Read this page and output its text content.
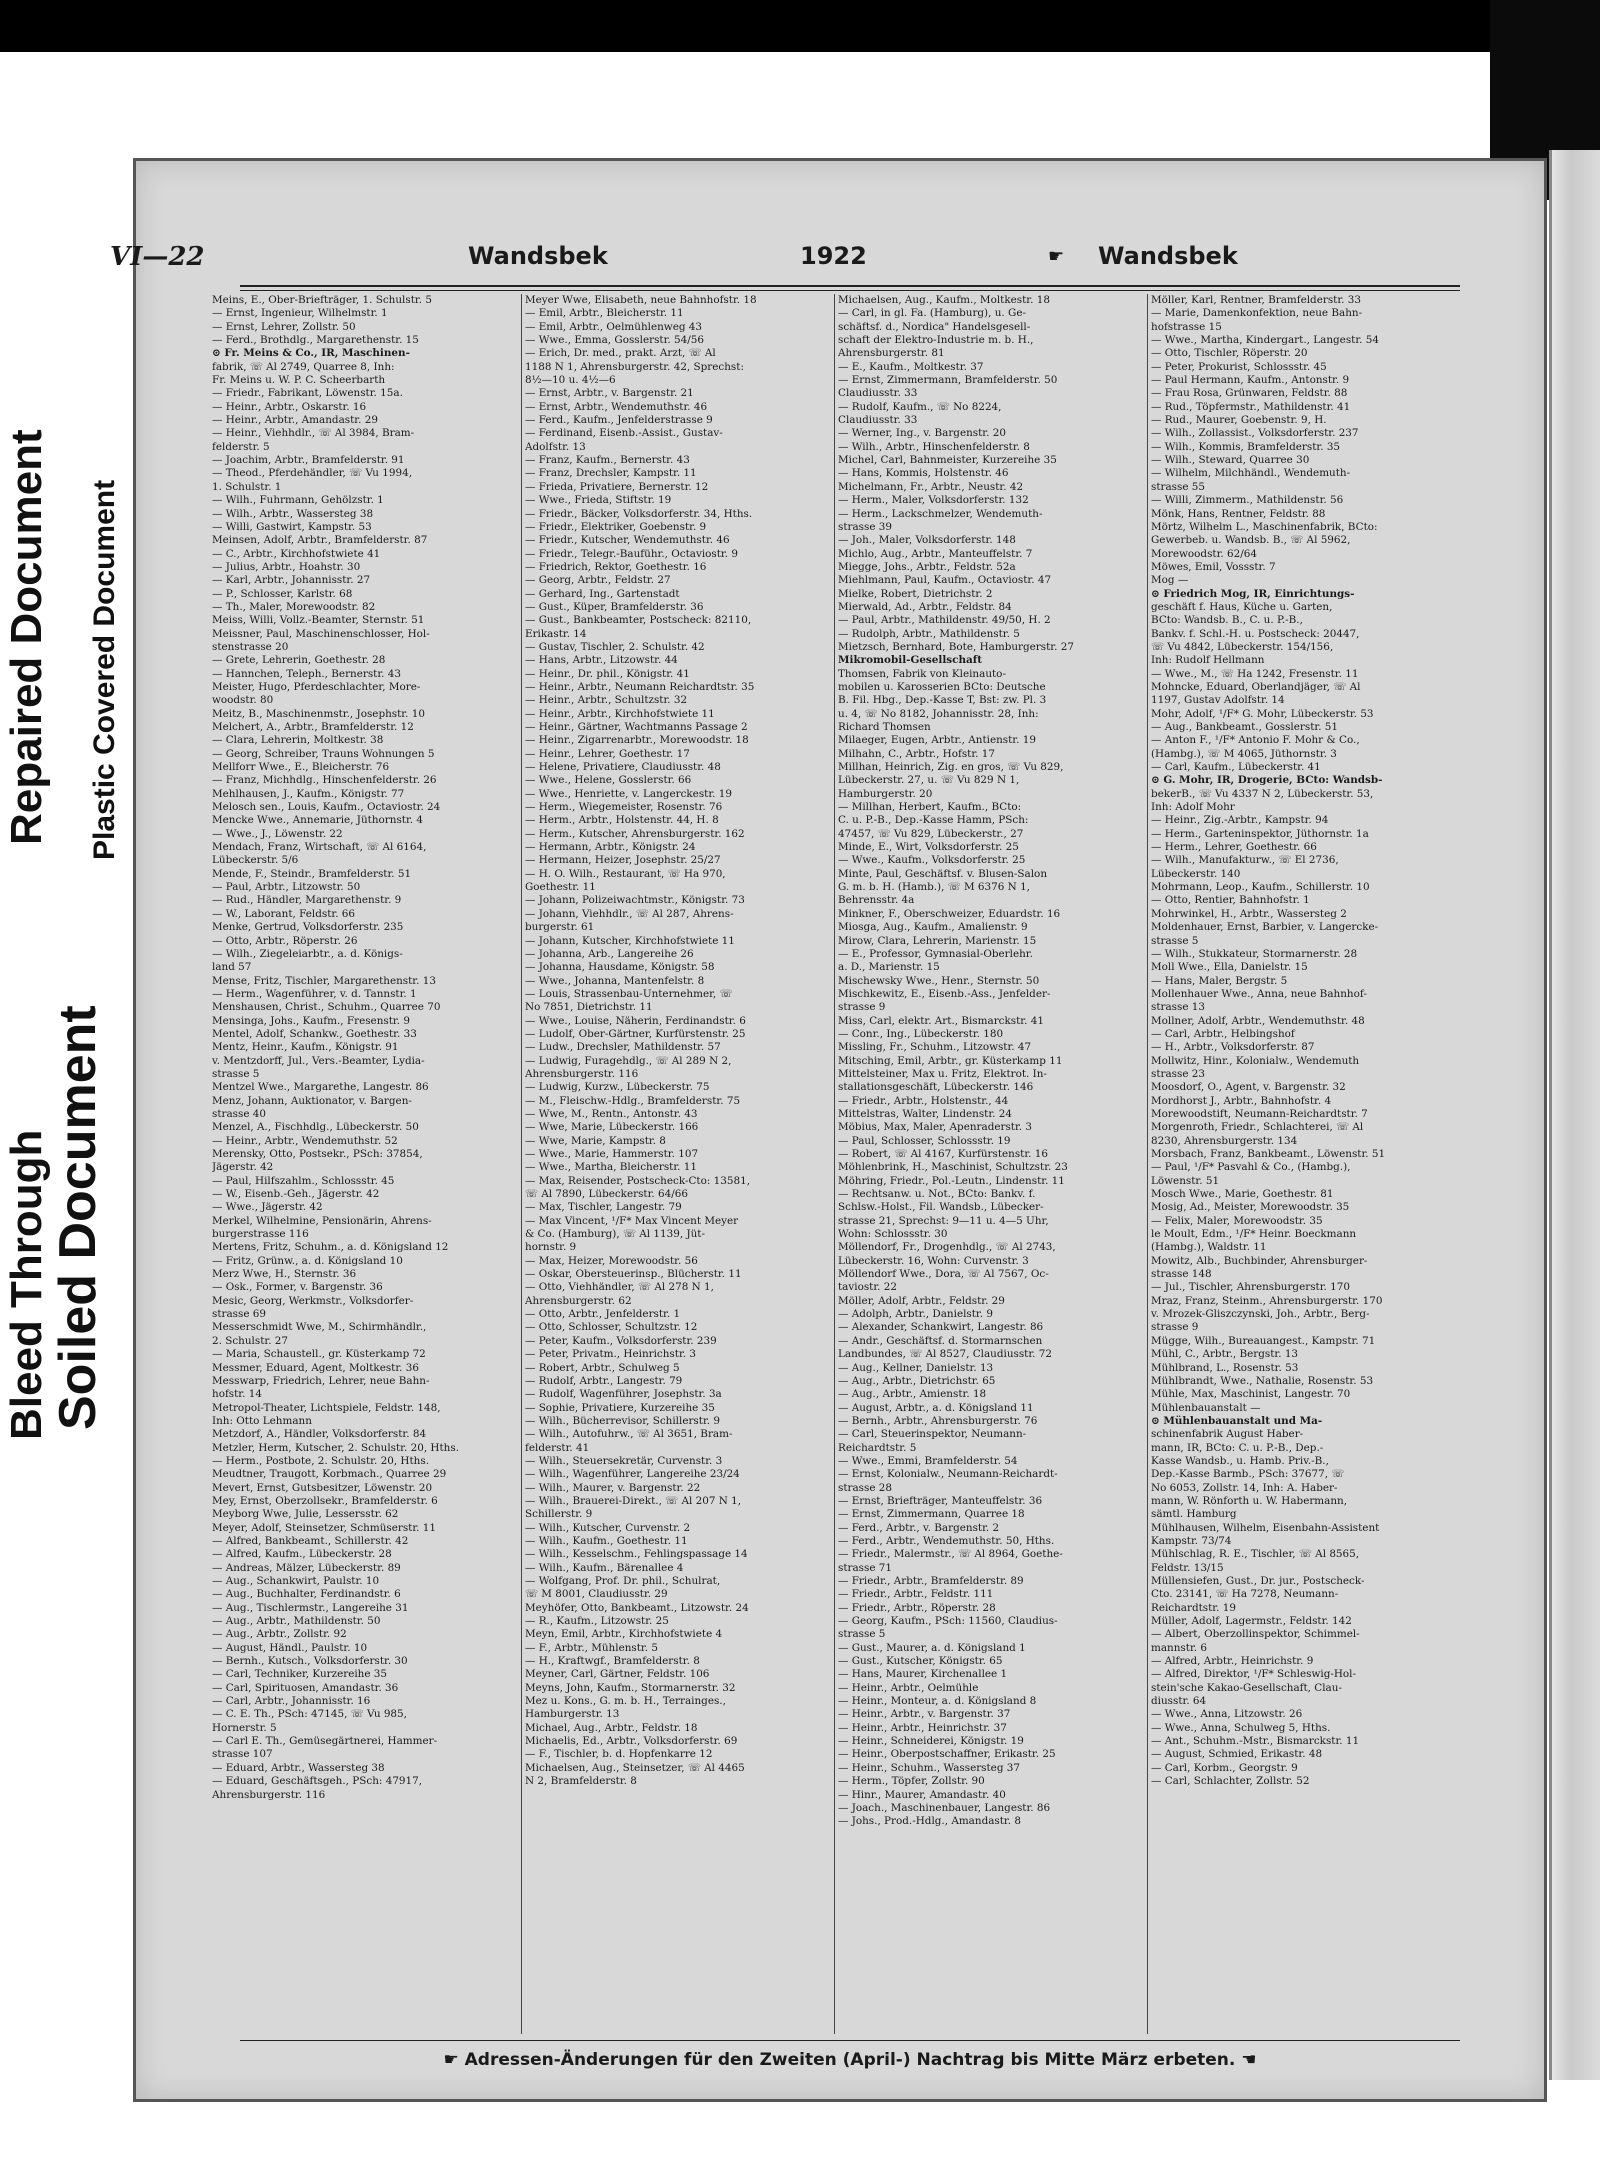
Bleed Through
Soiled Document
Plastic Covered Document
Repaired Document
VI—22	Wandsbek	1922	☛ Wandsbek
Meins, E., Ober-Briefträger, 1. Schulstr. 5
— Ernst, Ingenieur, Wilhelmstr. 1
— Ernst, Lehrer, Zollstr. 50
— Ferd., Brothdlg., Margarethenstr. 15
⊙ Fr. Meins & Co., IR, Maschinen-
fabrik, ☏ Al 2749, Quarree 8, Inh:
Fr. Meins u. W. P. C. Scheerbarth
— Friedr., Fabrikant, Löwenstr. 15a.
— Heinr., Arbtr., Oskarstr. 16
— Heinr., Arbtr., Amandastr. 29
— Heinr., Viehhdlr., ☏ Al 3984, Bram-
felderstr. 5
— Joachim, Arbtr., Bramfelderstr. 91
— Theod., Pferdehändler, ☏ Vu 1994,
1. Schulstr. 1
— Wilh., Fuhrmann, Gehölzstr. 1
— Wilh., Arbtr., Wassersteg 38
— Willi, Gastwirt, Kampstr. 53
Meinsen, Adolf, Arbtr., Bramfelderstr. 87
— C., Arbtr., Kirchhofstwiete 41
— Julius, Arbtr., Hoahstr. 30
— Karl, Arbtr., Johannisstr. 27
— P., Schlosser, Karlstr. 68
— Th., Maler, Morewoodstr. 82
Meiss, Willi, Vollz.-Beamter, Sternstr. 51
Meissner, Paul, Maschinenschlosser, Hol-
stenstrasse 20
— Grete, Lehrerin, Goethestr. 28
— Hannchen, Teleph., Bernerstr. 43
Meister, Hugo, Pferdeschlachter, More-
woodstr. 80
Meitz, B., Maschinenmstr., Josephstr. 10
Melchert, A., Arbtr., Bramfelderstr. 12
— Clara, Lehrerin, Moltkestr. 38
— Georg, Schreiber, Trauns Wohnungen 5
Mellforr Wwe., E., Bleicherstr. 76
— Franz, Michhdlg., Hinschenfelderstr. 26
Mehlhausen, J., Kaufm., Königstr. 77
Melosch sen., Louis, Kaufm., Octaviostr. 24
Mencke Wwe., Annemarie, Jüthornstr. 4
— Wwe., J., Löwenstr. 22
Mendach, Franz, Wirtschaft, ☏ Al 6164,
Lübeckerstr. 5/6
Mende, F., Steindr., Bramfelderstr. 51
— Paul, Arbtr., Litzowstr. 50
— Rud., Händler, Margarethenstr. 9
— W., Laborant, Feldstr. 66
Menke, Gertrud, Volksdorferstr. 235
— Otto, Arbtr., Röperstr. 26
— Wilh., Ziegeleiarbtr., a. d. Königs-
land 57
Mense, Fritz, Tischler, Margarethenstr. 13
— Herm., Wagenführer, v. d. Tannstr. 1
Menshausen, Christ., Schuhm., Quarree 70
Mensinga, Johs., Kaufm., Fresenstr. 9
Mentel, Adolf, Schankw., Goethestr. 33
Mentz, Heinr., Kaufm., Königstr. 91
v. Mentzdorff, Jul., Vers.-Beamter, Lydia-
strasse 5
Mentzel Wwe., Margarethe, Langestr. 86
Menz, Johann, Auktionator, v. Bargen-
strasse 40
Menzel, A., Fischhdlg., Lübeckerstr. 50
— Heinr., Arbtr., Wendemuthstr. 52
Merensky, Otto, Postsekr., PSch: 37854,
Jägerstr. 42
— Paul, Hilfszahlm., Schlossstr. 45
— W., Eisenb.-Geh., Jägerstr. 42
— Wwe., Jägerstr. 42
Merkel, Wilhelmine, Pensionärin, Ahrens-
burgerstrasse 116
Mertens, Fritz, Schuhm., a. d. Königsland 12
— Fritz, Grünw., a. d. Königsland 10
Merz Wwe, H., Sternstr. 36
— Osk., Former, v. Bargenstr. 36
Mesic, Georg, Werkmstr., Volksdorfer-
strasse 69
Messerschmidt Wwe, M., Schirmhändlr.,
2. Schulstr. 27
— Maria, Schaustell., gr. Küsterkamp 72
Messmer, Eduard, Agent, Moltkestr. 36
Messwarp, Friedrich, Lehrer, neue Bahn-
hofstr. 14
Metropol-Theater, Lichtspiele, Feldstr. 148,
Inh: Otto Lehmann
Metzdorf, A., Händler, Volksdorferstr. 84
Metzler, Herm, Kutscher, 2. Schulstr. 20, Hths.
— Herm., Postbote, 2. Schulstr. 20, Hths.
Meudtner, Traugott, Korbmach., Quarree 29
Mevert, Ernst, Gutsbesitzer, Löwenstr. 20
Mey, Ernst, Oberzollsekr., Bramfelderstr. 6
Meyborg Wwe, Julie, Lessersstr. 62
Meyer, Adolf, Steinsetzer, Schmüserstr. 11
— Alfred, Bankbeamt., Schillerstr. 42
— Alfred, Kaufm., Lübeckerstr. 28
— Andreas, Mälzer, Lübeckerstr. 89
— Aug., Schankwirt, Paulstr. 10
— Aug., Buchhalter, Ferdinandstr. 6
— Aug., Tischlermstr., Langereihe 31
— Aug., Arbtr., Mathildenstr. 50
— Aug., Arbtr., Zollstr. 92
— August, Händl., Paulstr. 10
— Bernh., Kutsch., Volksdorferstr. 30
— Carl, Techniker, Kurzereihe 35
— Carl, Spirituosen, Amandastr. 36
— Carl, Arbtr., Johannisstr. 16
— C. E. Th., PSch: 47145, ☏ Vu 985,
Hornerstr. 5
— Carl E. Th., Gemüsegärtnerei, Hammer-
strasse 107
— Eduard, Arbtr., Wassersteg 38
— Eduard, Geschäftsgeh., PSch: 47917,
Ahrensburgerstr. 116
Meyer Wwe, Elisabeth, neue Bahnhofstr. 18
— Emil, Arbtr., Bleicherstr. 11
— Emil, Arbtr., Oelmühlenweg 43
— Wwe., Emma, Gosslerstr. 54/56
— Erich, Dr. med., prakt. Arzt, ☏ Al
1188 N 1, Ahrensburgerstr. 42, Sprechst:
8½—10 u. 4½—6
— Ernst, Arbtr., v. Bargenstr. 21
— Ernst, Arbtr., Wendemuthstr. 46
— Ferd., Kaufm., Jenfelderstrasse 9
— Ferdinand, Eisenb.-Assist., Gustav-
Adolfstr. 13
— Franz, Kaufm., Bernerstr. 43
— Franz, Drechsler, Kampstr. 11
— Frieda, Privatiere, Bernerstr. 12
— Wwe., Frieda, Stiftstr. 19
— Friedr., Bäcker, Volksdorferstr. 34, Hths.
— Friedr., Elektriker, Goebenstr. 9
— Friedr., Kutscher, Wendemuthstr. 46
— Friedr., Telegr.-Bauführ., Octaviostr. 9
— Friedrich, Rektor, Goethestr. 16
— Georg, Arbtr., Feldstr. 27
— Gerhard, Ing., Gartenstadt
— Gust., Küper, Bramfelderstr. 36
— Gust., Bankbeamter, Postscheck: 82110,
Erikastr. 14
— Gustav, Tischler, 2. Schulstr. 42
— Hans, Arbtr., Litzowstr. 44
— Heinr., Dr. phil., Königstr. 41
— Heinr., Arbtr., Neumann Reichardtstr. 35
— Heinr., Arbtr., Schultzstr. 32
— Heinr., Arbtr., Kirchhofstwiete 11
— Heinr., Gärtner, Wachtmanns Passage 2
— Heinr., Zigarrenarbtr., Morewoodstr. 18
— Heinr., Lehrer, Goethestr. 17
— Helene, Privatiere, Claudiusstr. 48
— Wwe., Helene, Gosslerstr. 66
— Wwe., Henriette, v. Langerckestr. 19
— Herm., Wiegemeister, Rosenstr. 76
— Herm., Arbtr., Holstenstr. 44, H. 8
— Herm., Kutscher, Ahrensburgerstr. 162
— Hermann, Arbtr., Königstr. 24
— Hermann, Heizer, Josephstr. 25/27
— H. O. Wilh., Restaurant, ☏ Ha 970,
Goethestr. 11
— Johann, Polizeiwachtmstr., Königstr. 73
— Johann, Viehhdlr., ☏ Al 287, Ahrens-
burgerstr. 61
— Johann, Kutscher, Kirchhofstwiete 11
— Johanna, Arb., Langereihe 26
— Johanna, Hausdame, Königstr. 58
— Wwe., Johanna, Mantenfelstr. 8
— Louis, Strassenbau-Unternehmer, ☏
No 7851, Dietrichstr. 11
— Wwe., Louise, Näherin, Ferdinandstr. 6
— Ludolf, Ober-Gärtner, Kurfürstenstr. 25
— Ludw., Drechsler, Mathildenstr. 57
— Ludwig, Furagehdlg., ☏ Al 289 N 2,
Ahrensburgerstr. 116
— Ludwig, Kurzw., Lübeckerstr. 75
— M., Fleischw.-Hdlg., Bramfelderstr. 75
— Wwe, M., Rentn., Antonstr. 43
— Wwe, Marie, Lübeckerstr. 166
— Wwe, Marie, Kampstr. 8
— Wwe., Marie, Hammerstr. 107
— Wwe., Martha, Bleicherstr. 11
— Max, Reisender, Postscheck-Cto: 13581,
☏ Al 7890, Lübeckerstr. 64/66
— Max, Tischler, Langestr. 79
— Max Vincent, ¹/F* Max Vincent Meyer
& Co. (Hamburg), ☏ Al 1139, Jüt-
hornstr. 9
— Max, Heizer, Morewoodstr. 56
— Oskar, Obersteuerinsp., Blücherstr. 11
— Otto, Viehhändler, ☏ Al 278 N 1,
Ahrensburgerstr. 62
— Otto, Arbtr., Jenfelderstr. 1
— Otto, Schlosser, Schultzstr. 12
— Peter, Kaufm., Volksdorferstr. 239
— Peter, Privatm., Heinrichstr. 3
— Robert, Arbtr., Schulweg 5
— Rudolf, Arbtr., Langestr. 79
— Rudolf, Wagenführer, Josephstr. 3a
— Sophie, Privatiere, Kurzereihe 35
— Wilh., Bücherrevisor, Schillerstr. 9
— Wilh., Autofuhrw., ☏ Al 3651, Bram-
felderstr. 41
— Wilh., Steuersekretär, Curvenstr. 3
— Wilh., Wagenführer, Langereihe 23/24
— Wilh., Maurer, v. Bargenstr. 22
— Wilh., Brauerei-Direkt., ☏ Al 207 N 1,
Schillerstr. 9
— Wilh., Kutscher, Curvenstr. 2
— Wilh., Kaufm., Goethestr. 11
— Wilh., Kesselschm., Fehlingspassage 14
— Wilh., Kaufm., Bärenallee 4
— Wolfgang, Prof. Dr. phil., Schulrat,
☏ M 8001, Claudiusstr. 29
Meyhöfer, Otto, Bankbeamt., Litzowstr. 24
— R., Kaufm., Litzowstr. 25
Meyn, Emil, Arbtr., Kirchhofstwiete 4
— F., Arbtr., Mühlenstr. 5
— H., Kraftwgf., Bramfelderstr. 8
Meyner, Carl, Gärtner, Feldstr. 106
Meyns, John, Kaufm., Stormarnerstr. 32
Mez u. Kons., G. m. b. H., Terrainges.,
Hamburgerstr. 13
Michael, Aug., Arbtr., Feldstr. 18
Michaelis, Ed., Arbtr., Volksdorferstr. 69
— F., Tischler, b. d. Hopfenkarre 12
Michaelsen, Aug., Steinsetzer, ☏ Al 4465
N 2, Bramfelderstr. 8
Michaelsen, Aug., Kaufm., Moltkestr. 18
— Carl, in gl. Fa. (Hamburg), u. Ge-
schäftsf. d., Nordica" Handelsgesell-
schaft der Elektro-Industrie m. b. H.,
Ahrensburgerstr. 81
— E., Kaufm., Moltkestr. 37
— Ernst, Zimmermann, Bramfelderstr. 50
Claudiusstr. 33
— Rudolf, Kaufm., ☏ No 8224,
Claudiusstr. 33
— Werner, Ing., v. Bargenstr. 20
— Wilh., Arbtr., Hinschenfelderstr. 8
Michel, Carl, Bahnmeister, Kurzereihe 35
— Hans, Kommis, Holstenstr. 46
Michelmann, Fr., Arbtr., Neustr. 42
— Herm., Maler, Volksdorferstr. 132
— Herm., Lackschmelzer, Wendemuth-
strasse 39
— Joh., Maler, Volksdorferstr. 148
Michlo, Aug., Arbtr., Manteuffelstr. 7
Miegge, Johs., Arbtr., Feldstr. 52a
Miehlmann, Paul, Kaufm., Octaviostr. 47
Mielke, Robert, Dietrichstr. 2
Mierwald, Ad., Arbtr., Feldstr. 84
— Paul, Arbtr., Mathildenstr. 49/50, H. 2
— Rudolph, Arbtr., Mathildenstr. 5
Mietzsch, Bernhard, Bote, Hamburgerstr. 27
Mikromobil-Gesellschaft
Thomsen, Fabrik von Kleinauto-
mobilen u. Karosserien BCto: Deutsche
B. Fil. Hbg., Dep.-Kasse T, Bst: zw. Pl. 3
u. 4, ☏ No 8182, Johannisstr. 28, Inh:
Richard Thomsen
Milaeger, Eugen, Arbtr., Antienstr. 19
Milhahn, C., Arbtr., Hofstr. 17
Millhan, Heinrich, Zig. en gros, ☏ Vu 829,
Lübeckerstr. 27, u. ☏ Vu 829 N 1,
Hamburgerstr. 20
— Millhan, Herbert, Kaufm., BCto:
C. u. P.-B., Dep.-Kasse Hamm, PSch:
47457, ☏ Vu 829, Lübeckerstr., 27
Minde, E., Wirt, Volksdorferstr. 25
— Wwe., Kaufm., Volksdorferstr. 25
Minte, Paul, Geschäftsf. v. Blusen-Salon
G. m. b. H. (Hamb.), ☏ M 6376 N 1,
Behrensstr. 4a
Minkner, F., Oberschweizer, Eduardstr. 16
Miosga, Aug., Kaufm., Amalienstr. 9
Mirow, Clara, Lehrerin, Marienstr. 15
— E., Professor, Gymnasial-Oberlehr.
a. D., Marienstr. 15
Mischewsky Wwe., Henr., Sternstr. 50
Mischkewitz, E., Eisenb.-Ass., Jenfelder-
strasse 9
Miss, Carl, elektr. Art., Bismarckstr. 41
— Conr., Ing., Lübeckerstr. 180
Missling, Fr., Schuhm., Litzowstr. 47
Mitsching, Emil, Arbtr., gr. Küsterkamp 11
Mittelsteiner, Max u. Fritz, Elektrot. In-
stallationsgeschäft, Lübeckerstr. 146
— Friedr., Arbtr., Holstenstr., 44
Mittelstras, Walter, Lindenstr. 24
Möbius, Max, Maler, Apenraderstr. 3
— Paul, Schlosser, Schlossstr. 19
— Robert, ☏ Al 4167, Kurfürstenstr. 16
Möhlenbrink, H., Maschinist, Schultzstr. 23
Möhring, Friedr., Pol.-Leutn., Lindenstr. 11
— Rechtsanw. u. Not., BCto: Bankv. f.
Schlsw.-Holst., Fil. Wandsb., Lübecker-
strasse 21, Sprechst: 9—11 u. 4—5 Uhr,
Wohn: Schlossstr. 30
Möllendorf, Fr., Drogenhdlg., ☏ Al 2743,
Lübeckerstr. 16, Wohn: Curvenstr. 3
Möllendorf Wwe., Dora, ☏ Al 7567, Oc-
taviostr. 22
Möller, Adolf, Arbtr., Feldstr. 29
— Adolph, Arbtr., Danielstr. 9
— Alexander, Schankwirt, Langestr. 86
— Andr., Geschäftsf. d. Stormarnschen
Landbundes, ☏ Al 8527, Claudiusstr. 72
— Aug., Kellner, Danielstr. 13
— Aug., Arbtr., Dietrichstr. 65
— Aug., Arbtr., Amienstr. 18
— August, Arbtr., a. d. Königsland 11
— Bernh., Arbtr., Ahrensburgerstr. 76
— Carl, Steuerinspektor, Neumann-
Reichardtstr. 5
— Wwe., Emmi, Bramfelderstr. 54
— Ernst, Kolonialw., Neumann-Reichardt-
strasse 28
— Ernst, Briefträger, Manteuffelstr. 36
— Ernst, Zimmermann, Quarree 18
— Ferd., Arbtr., v. Bargenstr. 2
— Ferd., Arbtr., Wendemuthstr. 50, Hths.
— Friedr., Malermstr., ☏ Al 8964, Goethe-
strasse 71
— Friedr., Arbtr., Bramfelderstr. 89
— Friedr., Arbtr., Feldstr. 111
— Friedr., Arbtr., Röperstr. 28
— Georg, Kaufm., PSch: 11560, Claudius-
strasse 5
— Gust., Maurer, a. d. Königsland 1
— Gust., Kutscher, Königstr. 65
— Hans, Maurer, Kirchenallee 1
— Heinr., Arbtr., Oelmühle
— Heinr., Monteur, a. d. Königsland 8
— Heinr., Arbtr., v. Bargenstr. 37
— Heinr., Arbtr., Heinrichstr. 37
— Heinr., Schneiderei, Königstr. 19
— Heinr., Oberpostschaffner, Erikastr. 25
— Heinr., Schuhm., Wassersteg 37
— Herm., Töpfer, Zollstr. 90
— Hinr., Maurer, Amandastr. 40
— Joach., Maschinenbauer, Langestr. 86
— Johs., Prod.-Hdlg., Amandastr. 8
Möller, Karl, Rentner, Bramfelderstr. 33
— Marie, Damenkonfektion, neue Bahn-
hofstrasse 15
— Wwe., Martha, Kindergart., Langestr. 54
— Otto, Tischler, Röperstr. 20
— Peter, Prokurist, Schlossstr. 45
— Paul Hermann, Kaufm., Antonstr. 9
— Frau Rosa, Grünwaren, Feldstr. 88
— Rud., Töpfermstr., Mathildenstr. 41
— Rud., Maurer, Goebenstr. 9, H.
— Wilh., Zollassist., Volksdorferstr. 237
— Wilh., Kommis, Bramfelderstr. 35
— Wilh., Steward, Quarree 30
— Wilhelm, Milchhändl., Wendemuth-
strasse 55
— Willi, Zimmerm., Mathildenstr. 56
Mönk, Hans, Rentner, Feldstr. 88
Mörtz, Wilhelm L., Maschinenfabrik, BCto:
Gewerbeb. u. Wandsb. B., ☏ Al 5962,
Morewoodstr. 62/64
Möwes, Emil, Vossstr. 7
Mog —
⊙ Friedrich Mog, IR, Einrichtungs-
geschäft f. Haus, Küche u. Garten,
BCto: Wandsb. B., C. u. P.-B.,
Bankv. f. Schl.-H. u. Postscheck: 20447,
☏ Vu 4842, Lübeckerstr. 154/156,
Inh: Rudolf Hellmann
— Wwe., M., ☏ Ha 1242, Fresenstr. 11
Mohncke, Eduard, Oberlandjäger, ☏ Al
1197, Gustav Adolfstr. 14
Mohr, Adolf, ¹/F* G. Mohr, Lübeckerstr. 53
— Aug., Bankbeamt., Gosslerstr. 51
— Anton F., ¹/F* Antonio F. Mohr & Co.,
(Hambg.), ☏ M 4065, Jüthornstr. 3
— Carl, Kaufm., Lübeckerstr. 41
⊙ G. Mohr, IR, Drogerie, BCto: Wandsb-
bekerB., ☏ Vu 4337 N 2, Lübeckerstr. 53,
Inh: Adolf Mohr
— Heinr., Zig.-Arbtr., Kampstr. 94
— Herm., Garteninspektor, Jüthornstr. 1a
— Herm., Lehrer, Goethestr. 66
— Wilh., Manufakturw., ☏ El 2736,
Lübeckerstr. 140
Mohrmann, Leop., Kaufm., Schillerstr. 10
— Otto, Rentier, Bahnhofstr. 1
Mohrwinkel, H., Arbtr., Wassersteg 2
Moldenhauer, Ernst, Barbier, v. Langercke-
strasse 5
— Wilh., Stukkateur, Stormarnerstr. 28
Moll Wwe., Ella, Danielstr. 15
— Hans, Maler, Bergstr. 5
Mollenhauer Wwe., Anna, neue Bahnhof-
strasse 13
Mollner, Adolf, Arbtr., Wendemuthstr. 48
— Carl, Arbtr., Helbingshof
— H., Arbtr., Volksdorferstr. 87
Mollwitz, Hinr., Kolonialw., Wendemuth
strasse 23
Moosdorf, O., Agent, v. Bargenstr. 32
Mordhorst J., Arbtr., Bahnhofstr. 4
Morewoodstift, Neumann-Reichardtstr. 7
Morgenroth, Friedr., Schlachterei, ☏ Al
8230, Ahrensburgerstr. 134
Morsbach, Franz, Bankbeamt., Löwenstr. 51
— Paul, ¹/F* Pasvahl & Co., (Hambg.),
Löwenstr. 51
Mosch Wwe., Marie, Goethestr. 81
Mosig, Ad., Meister, Morewoodstr. 35
— Felix, Maler, Morewoodstr. 35
le Moult, Edm., ¹/F* Heinr. Boeckmann
(Hambg.), Waldstr. 11
Mowitz, Alb., Buchbinder, Ahrensburger-
strasse 148
— Jul., Tischler, Ahrensburgerstr. 170
Mraz, Franz, Steinm., Ahrensburgerstr. 170
v. Mrozek-Gliszczynski, Joh., Arbtr., Berg-
strasse 9
Mügge, Wilh., Bureauangest., Kampstr. 71
Mühl, C., Arbtr., Bergstr. 13
Mühlbrand, L., Rosenstr. 53
Mühlbrandt, Wwe., Nathalie, Rosenstr. 53
Mühle, Max, Maschinist, Langestr. 70
Mühlenbauanstalt —
⊙ Mühlenbauanstalt und Ma-
schinenfabrik August Haber-
mann, IR, BCto: C. u. P.-B., Dep.-
Kasse Wandsb., u. Hamb. Priv.-B.,
Dep.-Kasse Barmb., PSch: 37677, ☏
No 6053, Zollstr. 14, Inh: A. Haber-
mann, W. Rönforth u. W. Habermann,
sämtl. Hamburg
Mühlhausen, Wilhelm, Eisenbahn-Assistent
Kampstr. 73/74
Mühlschlag, R. E., Tischler, ☏ Al 8565,
Feldstr. 13/15
Müllensiefen, Gust., Dr. jur., Postscheck-
Cto. 23141, ☏ Ha 7278, Neumann-
Reichardtstr. 19
Müller, Adolf, Lagermstr., Feldstr. 142
— Albert, Oberzollinspektor, Schimmel-
mannstr. 6
— Alfred, Arbtr., Heinrichstr. 9
— Alfred, Direktor, ¹/F* Schleswig-Hol-
stein'sche Kakao-Gesellschaft, Clau-
diusstr. 64
— Wwe., Anna, Litzowstr. 26
— Wwe., Anna, Schulweg 5, Hths.
— Ant., Schuhm.-Mstr., Bismarckstr. 11
— August, Schmied, Erikastr. 48
— Carl, Korbm., Georgstr. 9
— Carl, Schlachter, Zollstr. 52
☛ Adressen-Änderungen für den Zweiten (April-) Nachtrag bis Mitte März erbeten. ☚
